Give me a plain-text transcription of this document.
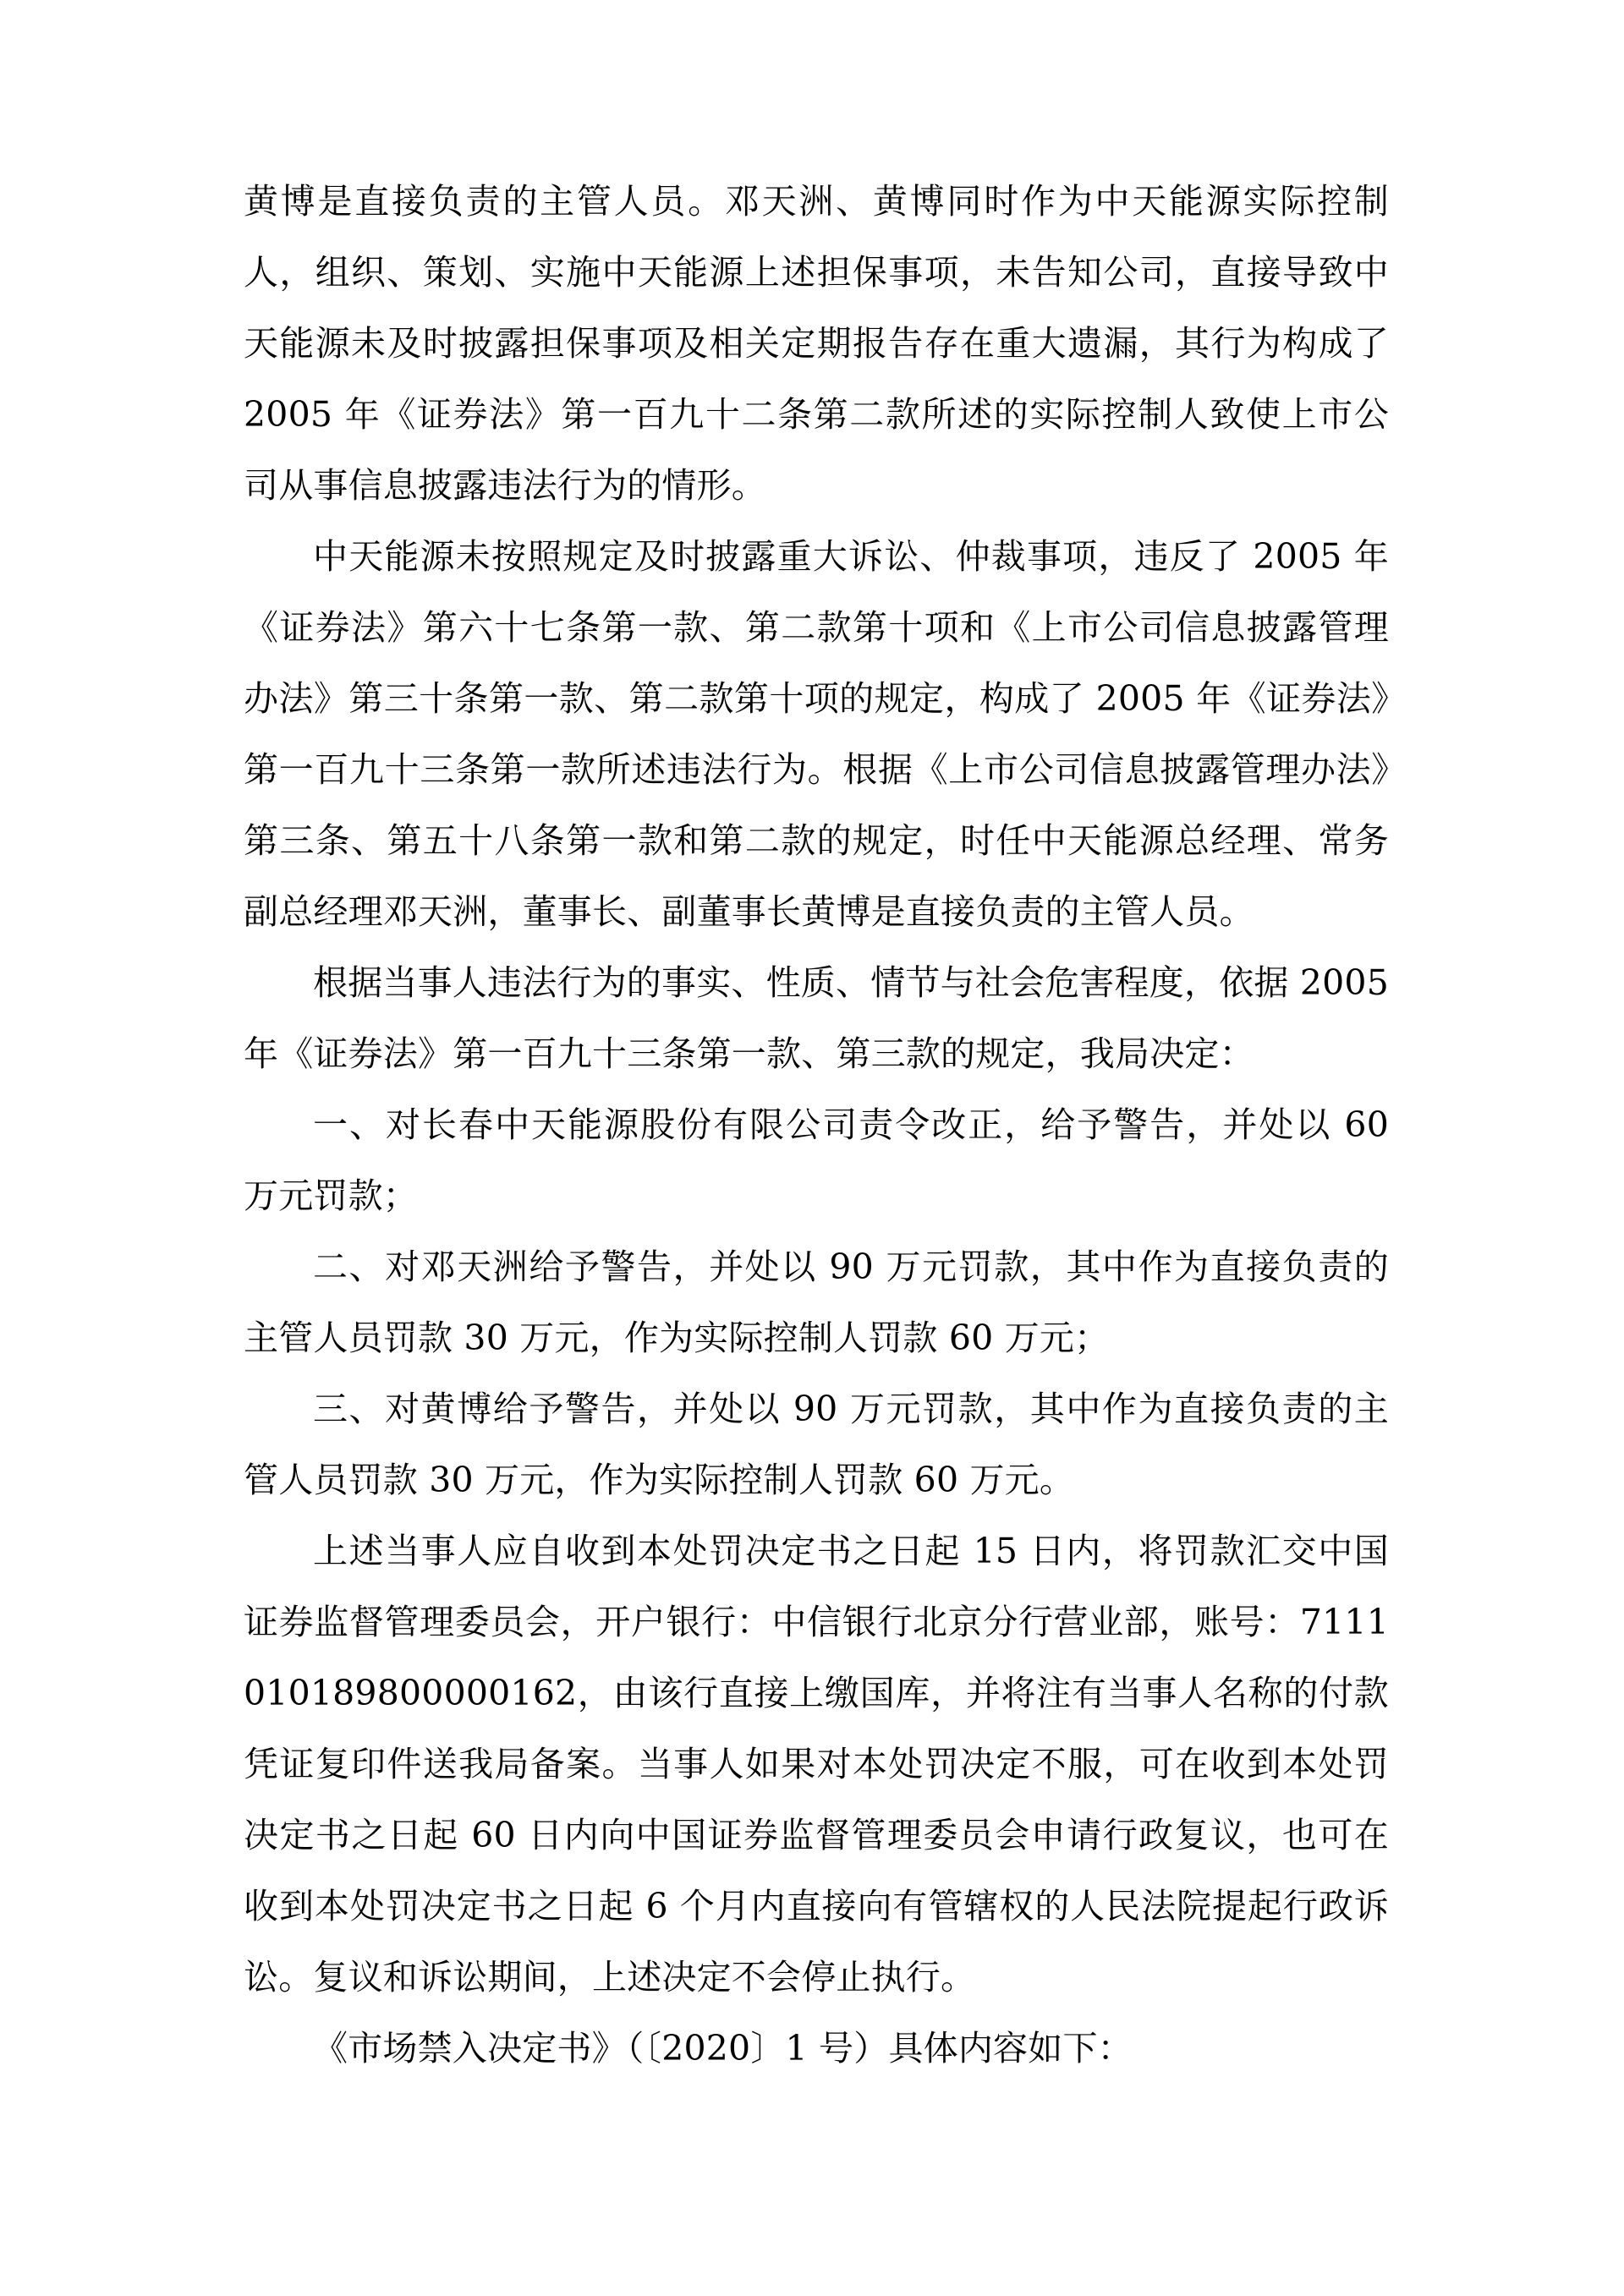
黄博是直接负责的主管人员。邓天洲、黄博同时作为中天能源实际控制人，组织、策划、实施中天能源上述担保事项，未告知公司，直接导致中天能源未及时披露担保事项及相关定期报告存在重大遗漏，其行为构成了 2005 年《证券法》第一百九十二条第二款所述的实际控制人致使上市公司从事信息披露违法行为的情形。

中天能源未按照规定及时披露重大诉讼、仲裁事项，违反了 2005 年《证券法》第六十七条第一款、第二款第十项和《上市公司信息披露管理办法》第三十条第一款、第二款第十项的规定，构成了 2005 年《证券法》第一百九十三条第一款所述违法行为。根据《上市公司信息披露管理办法》第三条、第五十八条第一款和第二款的规定，时任中天能源总经理、常务副总经理邓天洲，董事长、副董事长黄博是直接负责的主管人员。

根据当事人违法行为的事实、性质、情节与社会危害程度，依据 2005 年《证券法》第一百九十三条第一款、第三款的规定，我局决定：

一、对长春中天能源股份有限公司责令改正，给予警告，并处以 60 万元罚款；

二、对邓天洲给予警告，并处以 90 万元罚款，其中作为直接负责的主管人员罚款 30 万元，作为实际控制人罚款 60 万元；

三、对黄博给予警告，并处以 90 万元罚款，其中作为直接负责的主管人员罚款 30 万元，作为实际控制人罚款 60 万元。

上述当事人应自收到本处罚决定书之日起 15 日内，将罚款汇交中国证券监督管理委员会，开户银行：中信银行北京分行营业部，账号：7111010189800000162，由该行直接上缴国库，并将注有当事人名称的付款凭证复印件送我局备案。当事人如果对本处罚决定不服，可在收到本处罚决定书之日起 60 日内向中国证券监督管理委员会申请行政复议，也可在收到本处罚决定书之日起 6 个月内直接向有管辖权的人民法院提起行政诉讼。复议和诉讼期间，上述决定不会停止执行。

《市场禁入决定书》（〔2020〕1 号）具体内容如下：
